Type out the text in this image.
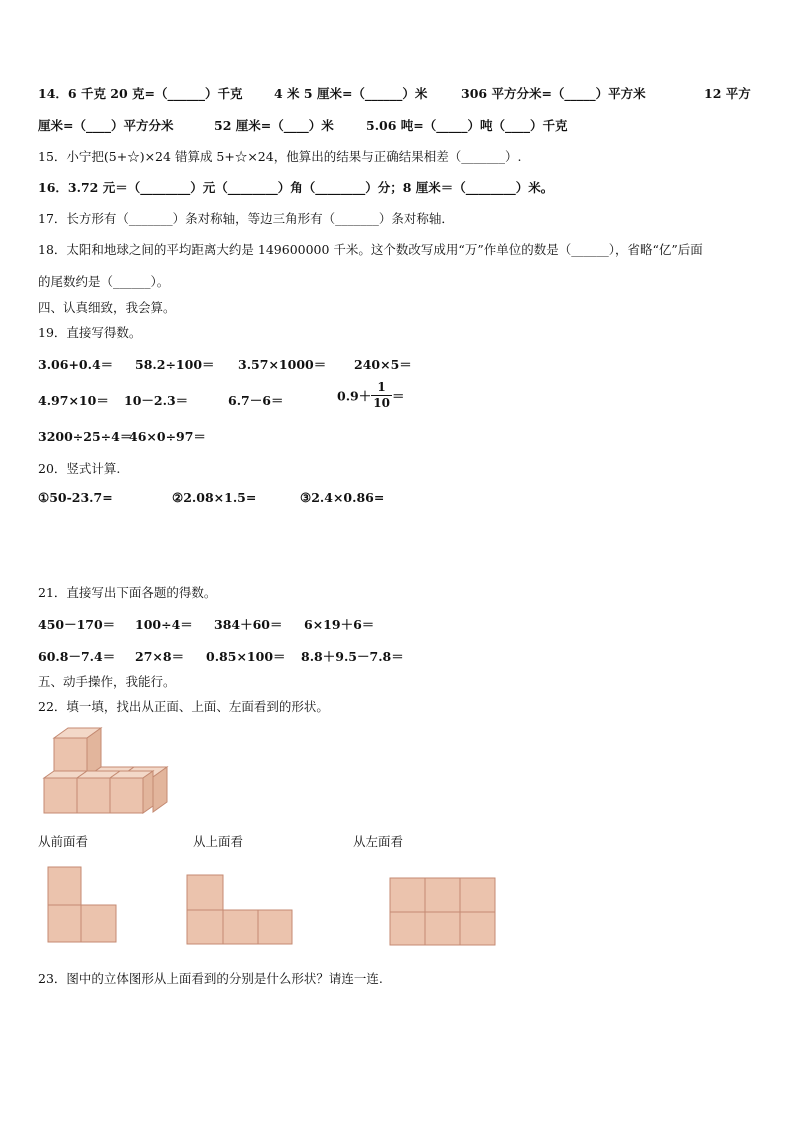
14．6 千克 20 克=（______）千克	4 米 5 厘米=（______）米	306 平方分米=（_____）平方米	12 平方
厘米=（____）平方分米	52 厘米=（____）米	5.06 吨=（_____）吨（____）千克
15．小宁把(5+☆)×24 错算成 5+☆×24，他算出的结果与正确结果相差（_______）.
16．3.72 元＝（________）元（________）角（________）分；8 厘米＝（________）米。
17．长方形有（_______）条对称轴，等边三角形有（_______）条对称轴．
18．太阳和地球之间的平均距离大约是 149600000 千米。这个数改写成用“万”作单位的数是（______），省略“亿”后面
的尾数约是（______）。
四、认真细致，我会算。
19．直接写得数。
3.06+0.4＝ 58.2÷100＝ 3.57×1000＝ 240×5＝
4.97×10＝ 10－2.3＝	6.7－6＝	$0.9+ \frac{1}{10}$ ＝
3200÷25÷4＝
46×0÷97＝
20．竖式计算.
①50-23.7=	②2.08×1.5=	③2.4×0.86=
21．直接写出下面各题的得数。
450－170＝ 100÷4＝ 384＋60＝ 6×19＋6＝
60.8－7.4＝ 27×8＝ 0.85×100＝ 8.8＋9.5－7.8＝
五、动手操作，我能行。
22．填一填，找出从正面、上面、左面看到的形状。
从前面看	从上面看	从左面看
23．图中的立体图形从上面看到的分别是什么形状？请连一连.
